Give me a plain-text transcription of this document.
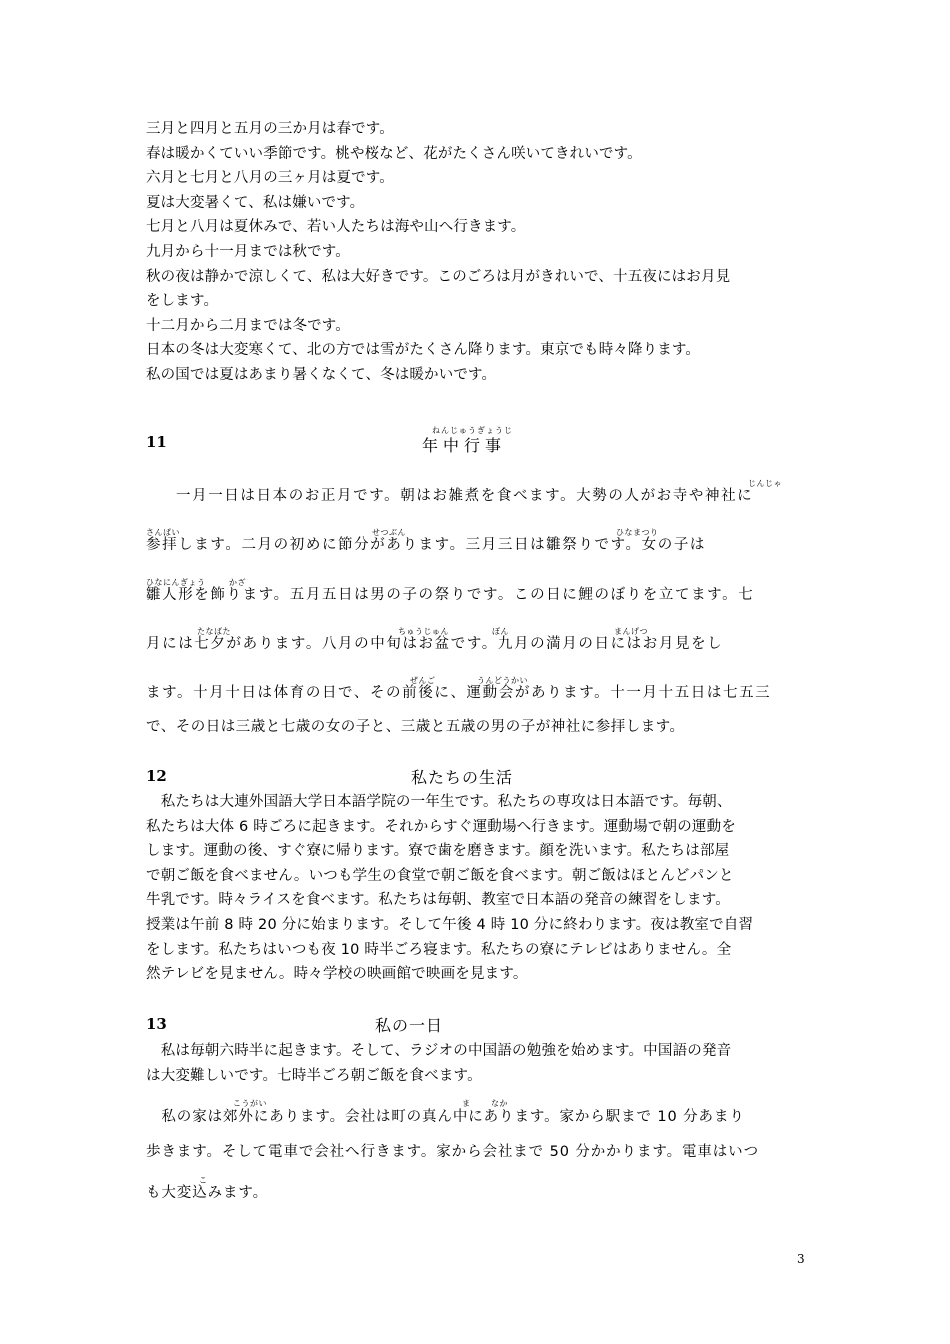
三月と四月と五月の三か月は春です。
春は暖かくていい季節です。桃や桜など、花がたくさん咲いてきれいです。
六月と七月と八月の三ヶ月は夏です。
夏は大変暑くて、私は嫌いです。
七月と八月は夏休みで、若い人たちは海や山へ行きます。
九月から十一月までは秋です。
秋の夜は静かで涼しくて、私は大好きです。このごろは月がきれいで、十五夜にはお月見
をします。
十二月から二月までは冬です。
日本の冬は大変寒くて、北の方では雪がたくさん降ります。東京でも時々降ります。
私の国では夏はあまり暑くなくて、冬は暖かいです。
11
ねんじゅうぎょうじ
年中行事
一月一日は日本のお正月です。朝はお雑煮を食べます。大勢の人がお寺や神社に
参拝します。二月の初めに節分があります。三月三日は雛祭りです。女の子は
雛人形を飾ります。五月五日は男の子の祭りです。この日に鯉のぼりを立てます。七
月には七夕があります。八月の中旬はお盆です。九月の満月の日にはお月見をし
ます。十月十日は体育の日で、その前後に、運動会があります。十一月十五日は七五三
で、その日は三歳と七歳の女の子と、三歳と五歳の男の子が神社に参拝します。
じんじゃ
さんぱい	せつぶん	ひなまつり
ひなにんぎょう	かざ
たなばた	ちゅうじゅん	ぼん	まんげつ
ぜんご	うんどうかい
12	私たちの生活
　私たちは大連外国語大学日本語学院の一年生です。私たちの専攻は日本語です。毎朝、
私たちは大体 6 時ごろに起きます。それからすぐ運動場へ行きます。運動場で朝の運動を
します。運動の後、すぐ寮に帰ります。寮で歯を磨きます。顔を洗います。私たちは部屋
で朝ご飯を食べません。いつも学生の食堂で朝ご飯を食べます。朝ご飯はほとんどパンと
牛乳です。時々ライスを食べます。私たちは毎朝、教室で日本語の発音の練習をします。
授業は午前 8 時 20 分に始まります。そして午後 4 時 10 分に終わります。夜は教室で自習
をします。私たちはいつも夜 10 時半ごろ寝ます。私たちの寮にテレビはありません。全
然テレビを見ません。時々学校の映画館で映画を見ます。
13	私の一日
　私は毎朝六時半に起きます。そして、ラジオの中国語の勉強を始めます。中国語の発音
は大変難しいです。七時半ごろ朝ご飯を食べます。
　私の家は郊外にあります。会社は町の真ん中にあります。家から駅まで 10 分あまり
歩きます。そして電車で会社へ行きます。家から会社まで 50 分かかります。電車はいつ
も大変込みます。
こうがい	ま	なか
こ
3
